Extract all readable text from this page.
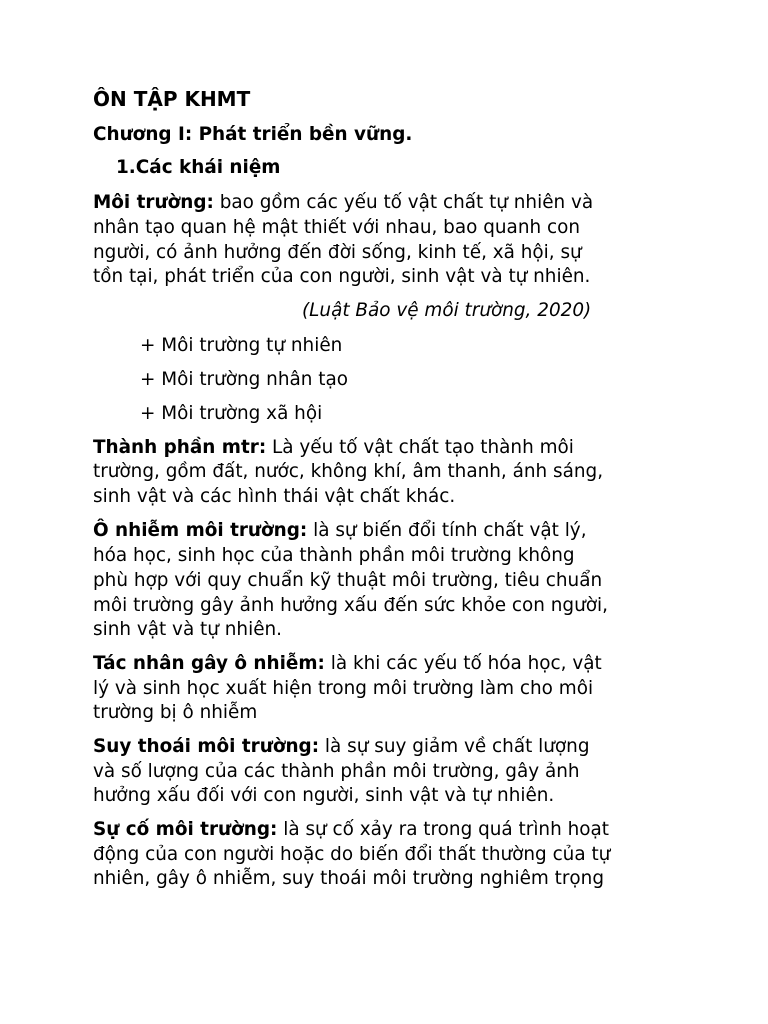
ÔN TẬP KHMT
Chương I: Phát triển bền vững.
1.Các khái niệm
Môi trường: bao gồm các yếu tố vật chất tự nhiên và
nhân tạo quan hệ mật thiết với nhau, bao quanh con
người, có ảnh hưởng đến đời sống, kinh tế, xã hội, sự
tồn tại, phát triển của con người, sinh vật và tự nhiên.
(Luật Bảo vệ môi trường, 2020)
+ Môi trường tự nhiên
+ Môi trường nhân tạo
+ Môi trường xã hội
Thành phần mtr: Là yếu tố vật chất tạo thành môi
trường, gồm đất, nước, không khí, âm thanh, ánh sáng,
sinh vật và các hình thái vật chất khác.
Ô nhiễm môi trường: là sự biến đổi tính chất vật lý,
hóa học, sinh học của thành phần môi trường không
phù hợp với quy chuẩn kỹ thuật môi trường, tiêu chuẩn
môi trường gây ảnh hưởng xấu đến sức khỏe con người,
sinh vật và tự nhiên.
Tác nhân gây ô nhiễm: là khi các yếu tố hóa học, vật
lý và sinh học xuất hiện trong môi trường làm cho môi
trường bị ô nhiễm
Suy thoái môi trường: là sự suy giảm về chất lượng
và số lượng của các thành phần môi trường, gây ảnh
hưởng xấu đối với con người, sinh vật và tự nhiên.
Sự cố môi trường: là sự cố xảy ra trong quá trình hoạt
động của con người hoặc do biến đổi thất thường của tự
nhiên, gây ô nhiễm, suy thoái môi trường nghiêm trọng
